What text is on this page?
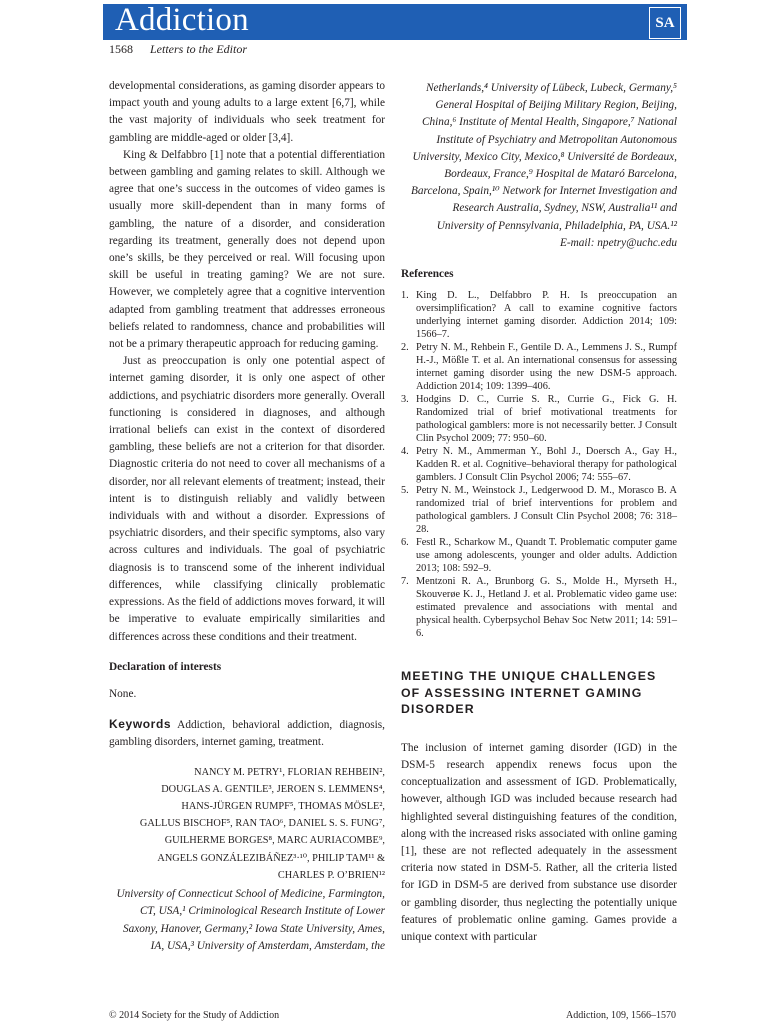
Addiction	SA
1568 Letters to the Editor

developmental considerations, as gaming disorder appears to impact youth and young adults to a large extent [6,7], while the vast majority of individuals who seek treatment for gambling are middle-aged or older [3,4].

King & Delfabbro [1] note that a potential differentiation between gambling and gaming relates to skill. Although we agree that one’s success in the outcomes of video games is usually more skill-dependent than in many forms of gambling, the nature of a disorder, and consideration regarding its treatment, generally does not depend upon one’s skills, be they perceived or real. Will focusing upon skill be useful in treating gaming? We are not sure. However, we completely agree that a cognitive intervention adapted from gambling treatment that addresses erroneous beliefs related to randomness, chance and probabilities will not be a primary therapeutic approach for reducing gaming.

Just as preoccupation is only one potential aspect of internet gaming disorder, it is only one aspect of other addictions, and psychiatric disorders more generally. Overall functioning is considered in diagnoses, and although irrational beliefs can exist in the context of disordered gambling, these beliefs are not a criterion for that disorder. Diagnostic criteria do not need to cover all mechanisms of a disorder, nor all relevant elements of treatment; instead, their intent is to distinguish reliably and validly between individuals with and without a disorder. Expressions of psychiatric disorders, and their specific symptoms, also vary across cultures and individuals. The goal of psychiatric diagnosis is to transcend some of the inherent individual differences, while classifying clinically problematic expressions. As the field of addictions moves forward, it will be imperative to evaluate empirically similarities and differences across these conditions and their treatment.

Declaration of interests

None.

Keywords Addiction, behavioral addiction, diagnosis, gambling disorders, internet gaming, treatment.

NANCY M. PETRY¹, FLORIAN REHBEIN²,
DOUGLAS A. GENTILE³, JEROEN S. LEMMENS⁴,
HANS-JÜRGEN RUMPF⁵, THOMAS MÖSLE²,
GALLUS BISCHOF⁵, RAN TAO⁶, DANIEL S. S. FUNG⁷,
GUILHERME BORGES⁸, MARC AURIACOMBE⁹,
ANGELS GONZÁLEZIBÁÑEZ³·¹⁰, PHILIP TAM¹¹ &
CHARLES P. O’BRIEN¹²
University of Connecticut School of Medicine, Farmington,
CT, USA,¹ Criminological Research Institute of Lower
Saxony, Hanover, Germany,² Iowa State University, Ames,
IA, USA,³ University of Amsterdam, Amsterdam, the
Netherlands,⁴ University of Lübeck, Lubeck, Germany,⁵
General Hospital of Beijing Military Region, Beijing,
China,⁶ Institute of Mental Health, Singapore,⁷ National
Institute of Psychiatry and Metropolitan Autonomous
University, Mexico City, Mexico,⁸ Université de Bordeaux,
Bordeaux, France,⁹ Hospital de Mataró Barcelona,
Barcelona, Spain,¹⁰ Network for Internet Investigation and
Research Australia, Sydney, NSW, Australia¹¹ and
University of Pennsylvania, Philadelphia, PA, USA.¹²
E-mail: npetry@uchc.edu
References
1. King D. L., Delfabbro P. H. Is preoccupation an oversimplification? A call to examine cognitive factors underlying internet gaming disorder. Addiction 2014; 109: 1566–7.
2. Petry N. M., Rehbein F., Gentile D. A., Lemmens J. S., Rumpf H.-J., Mößle T. et al. An international consensus for assessing internet gaming disorder using the new DSM-5 approach. Addiction 2014; 109: 1399–406.
3. Hodgins D. C., Currie S. R., Currie G., Fick G. H. Randomized trial of brief motivational treatments for pathological gamblers: more is not necessarily better. J Consult Clin Psychol 2009; 77: 950–60.
4. Petry N. M., Ammerman Y., Bohl J., Doersch A., Gay H., Kadden R. et al. Cognitive–behavioral therapy for pathological gamblers. J Consult Clin Psychol 2006; 74: 555–67.
5. Petry N. M., Weinstock J., Ledgerwood D. M., Morasco B. A randomized trial of brief interventions for problem and pathological gamblers. J Consult Clin Psychol 2008; 76: 318–28.
6. Festl R., Scharkow M., Quandt T. Problematic computer game use among adolescents, younger and older adults. Addiction 2013; 108: 592–9.
7. Mentzoni R. A., Brunborg G. S., Molde H., Myrseth H., Skouverøe K. J., Hetland J. et al. Problematic video game use: estimated prevalence and associations with mental and physical health. Cyberpsychol Behav Soc Netw 2011; 14: 591–6.
MEETING THE UNIQUE CHALLENGES OF ASSESSING INTERNET GAMING DISORDER

The inclusion of internet gaming disorder (IGD) in the DSM-5 research appendix renews focus upon the conceptualization and assessment of IGD. Problematically, however, although IGD was included because research had highlighted several distinguishing features of the condition, along with the increased risks associated with online gaming [1], these are not reflected adequately in the assessment criteria now stated in DSM-5. Rather, all the criteria listed for IGD in DSM-5 are derived from substance use disorder or gambling disorder, thus neglecting the potentially unique features of problematic online gaming. Games provide a unique context with particular

© 2014 Society for the Study of Addiction	Addiction, 109, 1566–1570
